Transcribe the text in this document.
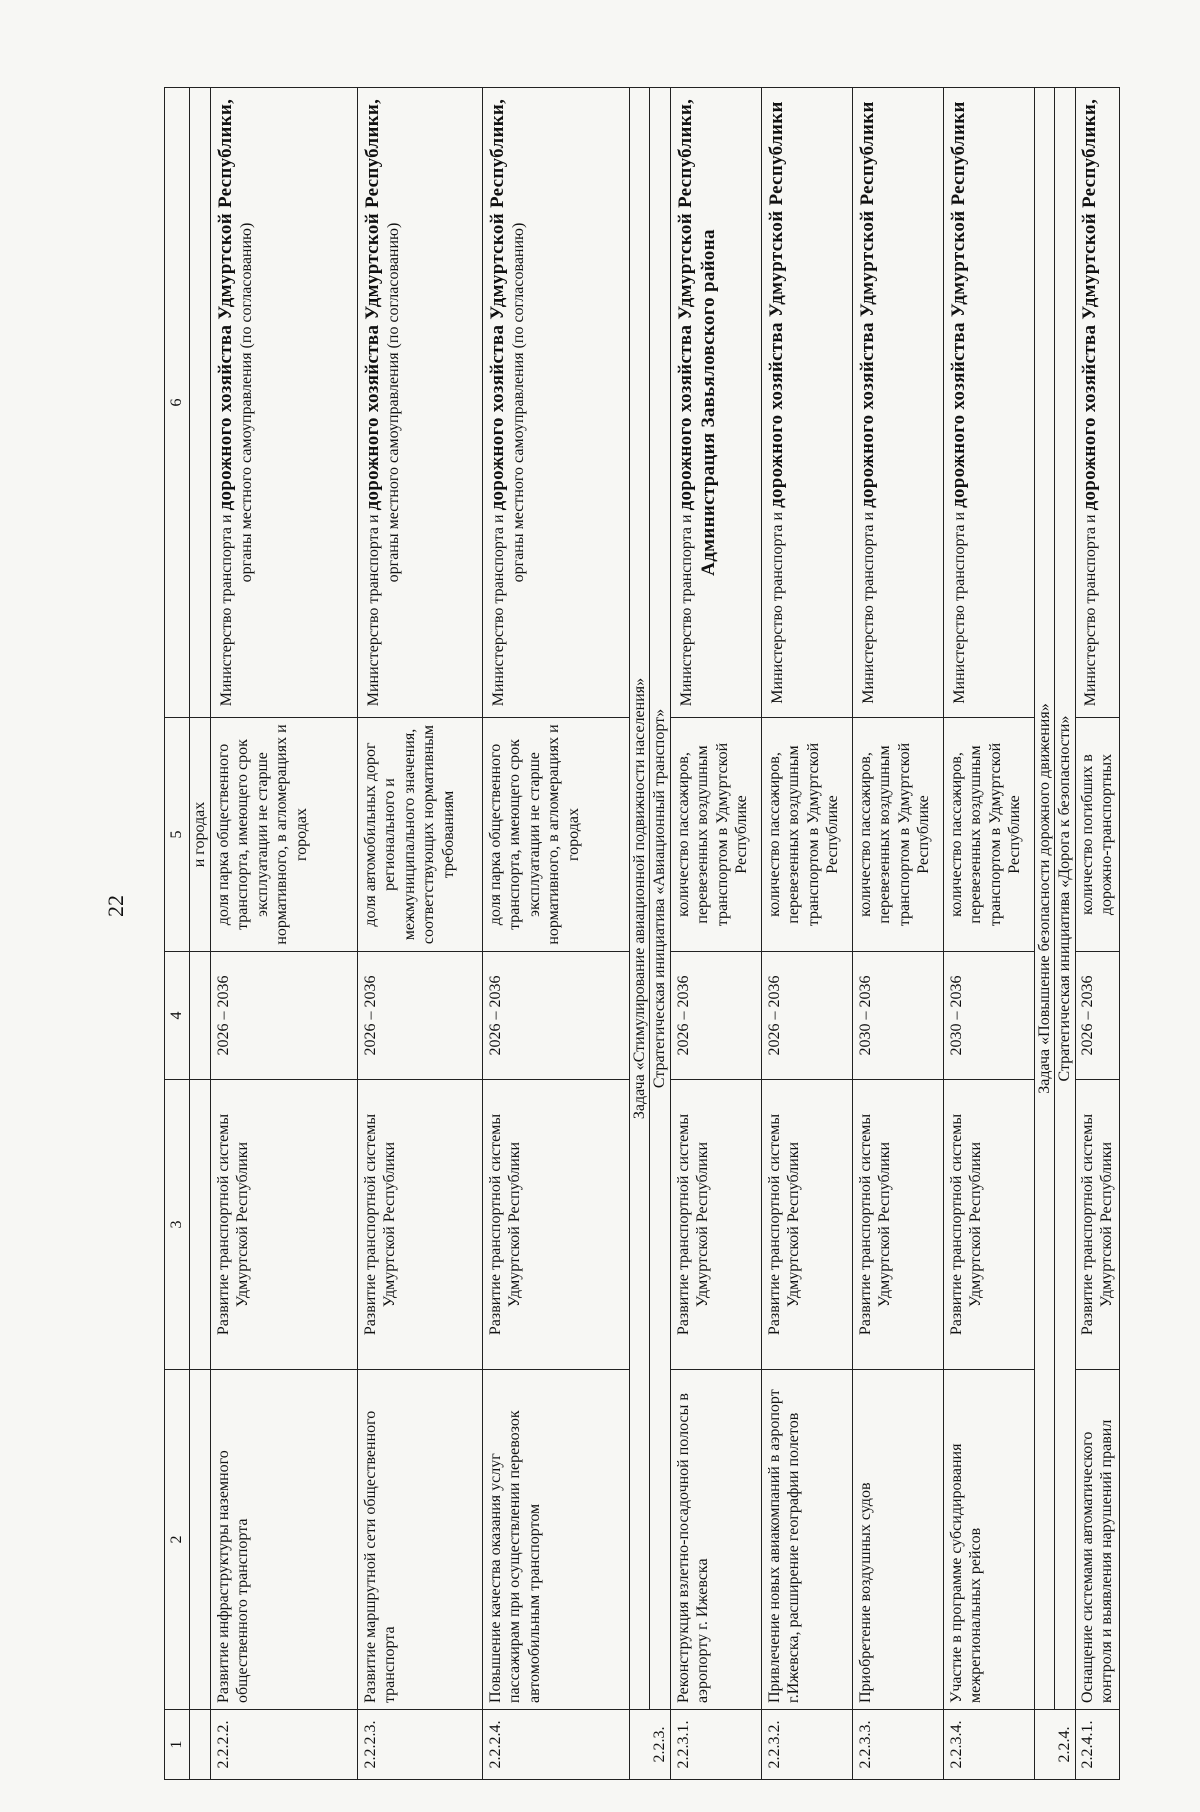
22
1	2	3	4	5	6
				и городах	
2.2.2.2.	Развитие инфраструктуры наземного общественного транспорта	Развитие транспортной системы Удмуртской Республики	2026 – 2036	доля парка общественного транспорта, имеющего срок эксплуатации не старше нормативного, в агломерациях и городах	Министерство транспорта и дорожного хозяйства Удмуртской Республики, органы местного самоуправления (по согласованию)
2.2.2.3.	Развитие маршрутной сети общественного транспорта	Развитие транспортной системы Удмуртской Республики	2026 – 2036	доля автомобильных дорог регионального и межмуниципального значения, соответствующих нормативным требованиям	Министерство транспорта и дорожного хозяйства Удмуртской Республики, органы местного самоуправления (по согласованию)
2.2.2.4.	Повышение качества оказания услуг пассажирам при осуществлении перевозок автомобильным транспортом	Развитие транспортной системы Удмуртской Республики	2026 – 2036	доля парка общественного транспорта, имеющего срок эксплуатации не старше нормативного, в агломерациях и городах	Министерство транспорта и дорожного хозяйства Удмуртской Республики, органы местного самоуправления (по согласованию)
2.2.3.	Задача «Стимулирование авиационной подвижности населения»				
	Стратегическая инициатива «Авиационный транспорт»				
2.2.3.1.	Реконструкция взлетно-посадочной полосы в аэропорту г. Ижевска	Развитие транспортной системы Удмуртской Республики	2026 – 2036	количество пассажиров, перевезенных воздушным транспортом в Удмуртской Республике	Министерство транспорта и дорожного хозяйства Удмуртской Республики, Администрация Завьяловского района
2.2.3.2.	Привлечение новых авиакомпаний в аэропорт г.Ижевска, расширение географии полетов	Развитие транспортной системы Удмуртской Республики	2026 – 2036	количество пассажиров, перевезенных воздушным транспортом в Удмуртской Республике	Министерство транспорта и дорожного хозяйства Удмуртской Республики
2.2.3.3.	Приобретение воздушных судов	Развитие транспортной системы Удмуртской Республики	2030 – 2036	количество пассажиров, перевезенных воздушным транспортом в Удмуртской Республике	Министерство транспорта и дорожного хозяйства Удмуртской Республики
2.2.3.4.	Участие в программе субсидирования межрегиональных рейсов	Развитие транспортной системы Удмуртской Республики	2030 – 2036	количество пассажиров, перевезенных воздушным транспортом в Удмуртской Республике	Министерство транспорта и дорожного хозяйства Удмуртской Республики
2.2.4.	Задача «Повышение безопасности дорожного движения»				
	Стратегическая инициатива «Дорога к безопасности»				
2.2.4.1.	Оснащение системами автоматического контроля и выявления нарушений правил	Развитие транспортной системы Удмуртской Республики	2026 – 2036	количество погибших в дорожно-транспортных	Министерство транспорта и дорожного хозяйства Удмуртской Республики,
